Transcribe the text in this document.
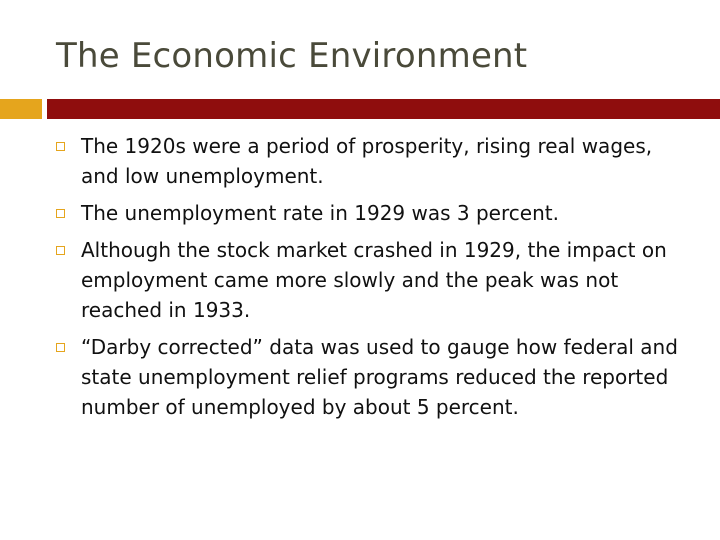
The Economic Environment
The 1920s were a period of prosperity, rising real wages, and low unemployment.
The unemployment rate in 1929 was 3 percent.
Although the stock market crashed in 1929, the impact on employment came more slowly and the peak was not reached in 1933.
“Darby corrected” data was used to gauge how federal and state unemployment relief programs reduced the reported number of unemployed by about 5 percent.
